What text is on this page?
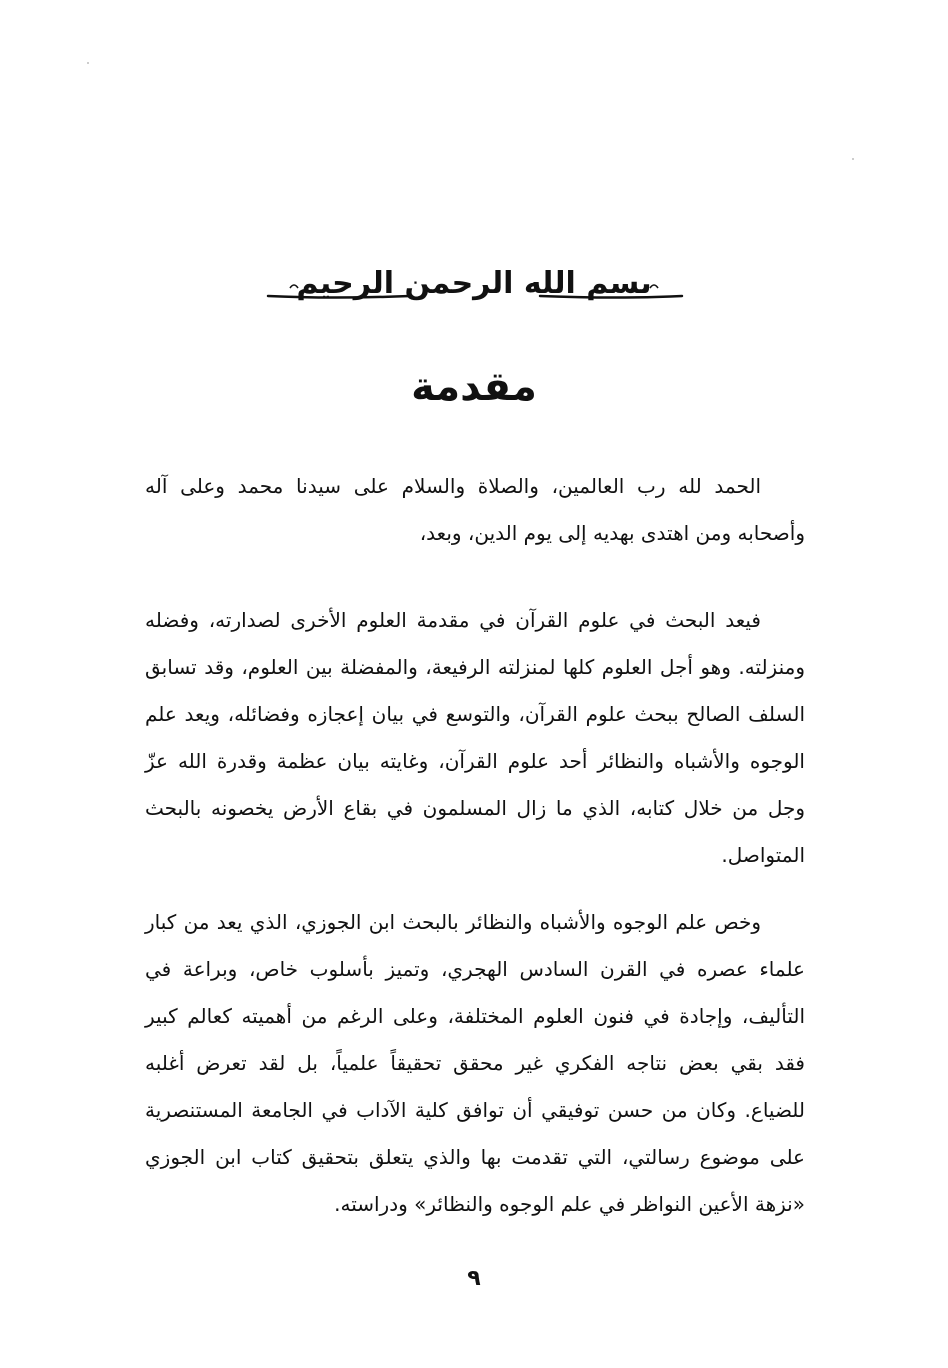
بسم الله الرحمن الرحيم
مقدمة

الحمد لله رب العالمين، والصلاة والسلام على سيدنا محمد وعلى آله وأصحابه ومن اهتدى بهديه إلى يوم الدين، وبعد،

فيعد البحث في علوم القرآن في مقدمة العلوم الأخرى لصدارته، وفضله ومنزلته. وهو أجل العلوم كلها لمنزلته الرفيعة، والمفضلة بين العلوم، وقد تسابق السلف الصالح ببحث علوم القرآن، والتوسع في بيان إعجازه وفضائله، ويعد علم الوجوه والأشباه والنظائر أحد علوم القرآن، وغايته بيان عظمة وقدرة الله عزّ وجل من خلال كتابه، الذي ما زال المسلمون في بقاع الأرض يخصونه بالبحث المتواصل.

وخص علم الوجوه والأشباه والنظائر بالبحث ابن الجوزي، الذي يعد من كبار علماء عصره في القرن السادس الهجري، وتميز بأسلوب خاص، وبراعة في التأليف، وإجادة في فنون العلوم المختلفة، وعلى الرغم من أهميته كعالم كبير فقد بقي بعض نتاجه الفكري غير محقق تحقيقاً علمياً، بل لقد تعرض أغلبه للضياع. وكان من حسن توفيقي أن توافق كلية الآداب في الجامعة المستنصرية على موضوع رسالتي، التي تقدمت بها والذي يتعلق بتحقيق كتاب ابن الجوزي «نزهة الأعين النواظر في علم الوجوه والنظائر» ودراسته.

٩
